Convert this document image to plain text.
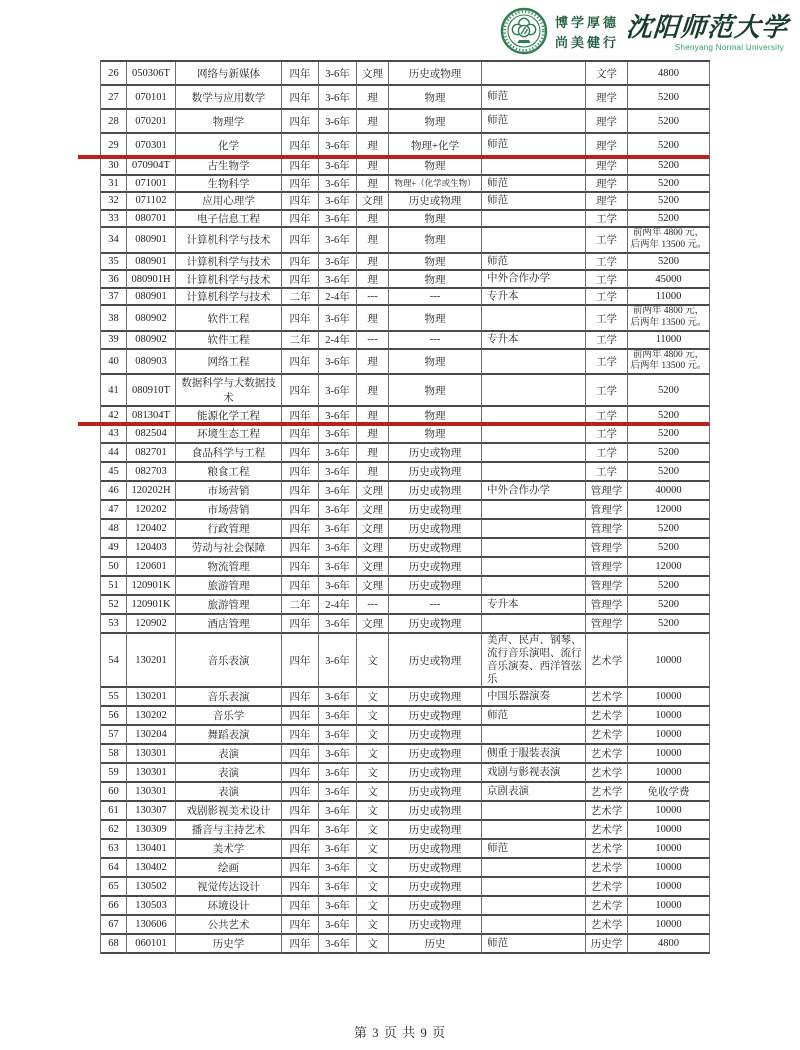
博学厚德
尚美健行
沈阳师范大学
Shenyang Normal University
26	050306T	网络与新媒体	四年	3-6年	文理	历史或物理		文学	4800
27	070101	数学与应用数学	四年	3-6年	理	物理	师范	理学	5200
28	070201	物理学	四年	3-6年	理	物理	师范	理学	5200
29	070301	化学	四年	3-6年	理	物理+化学	师范	理学	5200
30	070904T	古生物学	四年	3-6年	理	物理		理学	5200
31	071001	生物科学	四年	3-6年	理	物理+（化学或生物）	师范	理学	5200
32	071102	应用心理学	四年	3-6年	文理	历史或物理	师范	理学	5200
33	080701	电子信息工程	四年	3-6年	理	物理		工学	5200
34	080901	计算机科学与技术	四年	3-6年	理	物理		工学	前两年 4800 元，后两年 13500 元。
35	080901	计算机科学与技术	四年	3-6年	理	物理	师范	工学	5200
36	080901H	计算机科学与技术	四年	3-6年	理	物理	中外合作办学	工学	45000
37	080901	计算机科学与技术	二年	2-4年	---	---	专升本	工学	11000
38	080902	软件工程	四年	3-6年	理	物理		工学	前两年 4800 元，后两年 13500 元。
39	080902	软件工程	二年	2-4年	---	---	专升本	工学	11000
40	080903	网络工程	四年	3-6年	理	物理		工学	前两年 4800 元，后两年 13500 元。
41	080910T	数据科学与大数据技术	四年	3-6年	理	物理		工学	5200
42	081304T	能源化学工程	四年	3-6年	理	物理		工学	5200
43	082504	环境生态工程	四年	3-6年	理	物理		工学	5200
44	082701	食品科学与工程	四年	3-6年	理	历史或物理		工学	5200
45	082703	粮食工程	四年	3-6年	理	历史或物理		工学	5200
46	120202H	市场营销	四年	3-6年	文理	历史或物理	中外合作办学	管理学	40000
47	120202	市场营销	四年	3-6年	文理	历史或物理		管理学	12000
48	120402	行政管理	四年	3-6年	文理	历史或物理		管理学	5200
49	120403	劳动与社会保障	四年	3-6年	文理	历史或物理		管理学	5200
50	120601	物流管理	四年	3-6年	文理	历史或物理		管理学	12000
51	120901K	旅游管理	四年	3-6年	文理	历史或物理		管理学	5200
52	120901K	旅游管理	二年	2-4年	---	---	专升本	管理学	5200
53	120902	酒店管理	四年	3-6年	文理	历史或物理		管理学	5200
54	130201	音乐表演	四年	3-6年	文	历史或物理	美声、民声、钢琴、流行音乐演唱、流行音乐演奏、西洋管弦乐	艺术学	10000
55	130201	音乐表演	四年	3-6年	文	历史或物理	中国乐器演奏	艺术学	10000
56	130202	音乐学	四年	3-6年	文	历史或物理	师范	艺术学	10000
57	130204	舞蹈表演	四年	3-6年	文	历史或物理		艺术学	10000
58	130301	表演	四年	3-6年	文	历史或物理	侧重于服装表演	艺术学	10000
59	130301	表演	四年	3-6年	文	历史或物理	戏剧与影视表演	艺术学	10000
60	130301	表演	四年	3-6年	文	历史或物理	京剧表演	艺术学	免收学费
61	130307	戏剧影视美术设计	四年	3-6年	文	历史或物理		艺术学	10000
62	130309	播音与主持艺术	四年	3-6年	文	历史或物理		艺术学	10000
63	130401	美术学	四年	3-6年	文	历史或物理	师范	艺术学	10000
64	130402	绘画	四年	3-6年	文	历史或物理		艺术学	10000
65	130502	视觉传达设计	四年	3-6年	文	历史或物理		艺术学	10000
66	130503	环境设计	四年	3-6年	文	历史或物理		艺术学	10000
67	130606	公共艺术	四年	3-6年	文	历史或物理		艺术学	10000
68	060101	历史学	四年	3-6年	文	历史	师范	历史学	4800
第 3 页 共 9 页
